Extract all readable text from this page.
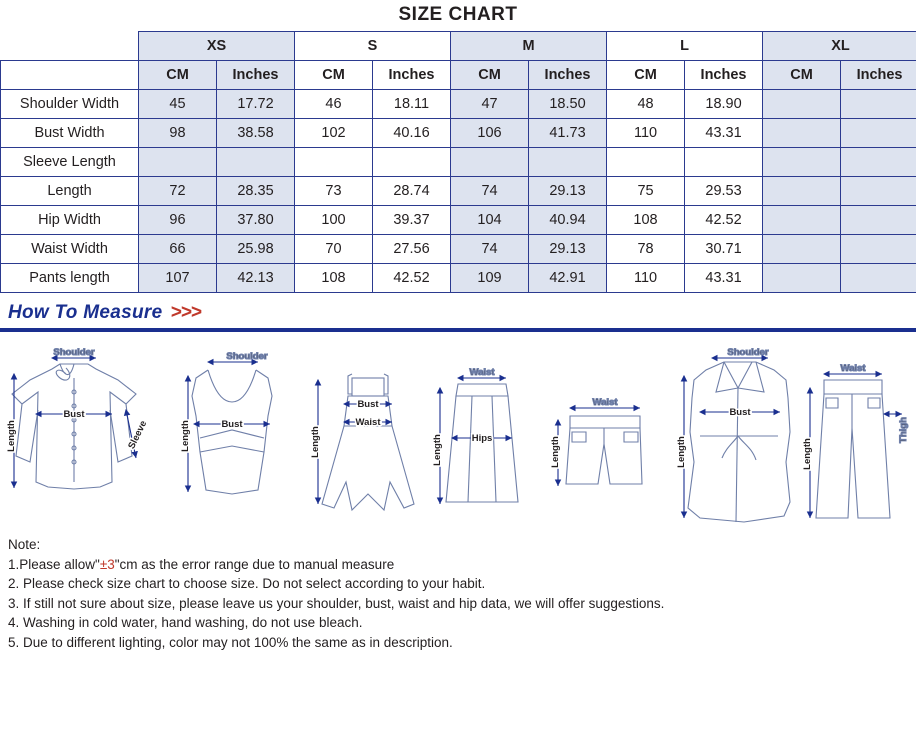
SIZE CHART
	XS		S		M		L		XL	
	CM	Inches	CM	Inches	CM	Inches	CM	Inches	CM	Inches
Shoulder Width	45	17.72	46	18.11	47	18.50	48	18.90		
Bust Width	98	38.58	102	40.16	106	41.73	110	43.31		
Sleeve Length										
Length	72	28.35	73	28.74	74	29.13	75	29.53		
Hip Width	96	37.80	100	39.37	104	40.94	108	42.52		
Waist Width	66	25.98	70	27.56	74	29.13	78	30.71		
Pants length	107	42.13	108	42.52	109	42.91	110	43.31		
How To Measure >>>
Shoulder
Bust
Length	Sleeve
Shoulder
Bust
Length
Bust
Waist
Length
Waist
Hips
Length
Waist
Length
Shoulder
Bust
Length
Waist
Length
Thigh
Note:
1.Please allow"±3"cm as the error range due to manual measure
2. Please check size chart to choose size. Do not select according to your habit.
3. If still not sure about size, please leave us your shoulder, bust, waist and hip data, we will offer suggestions.
4. Washing in cold water, hand washing, do not use bleach.
5. Due to different lighting, color may not 100% the same as in description.
